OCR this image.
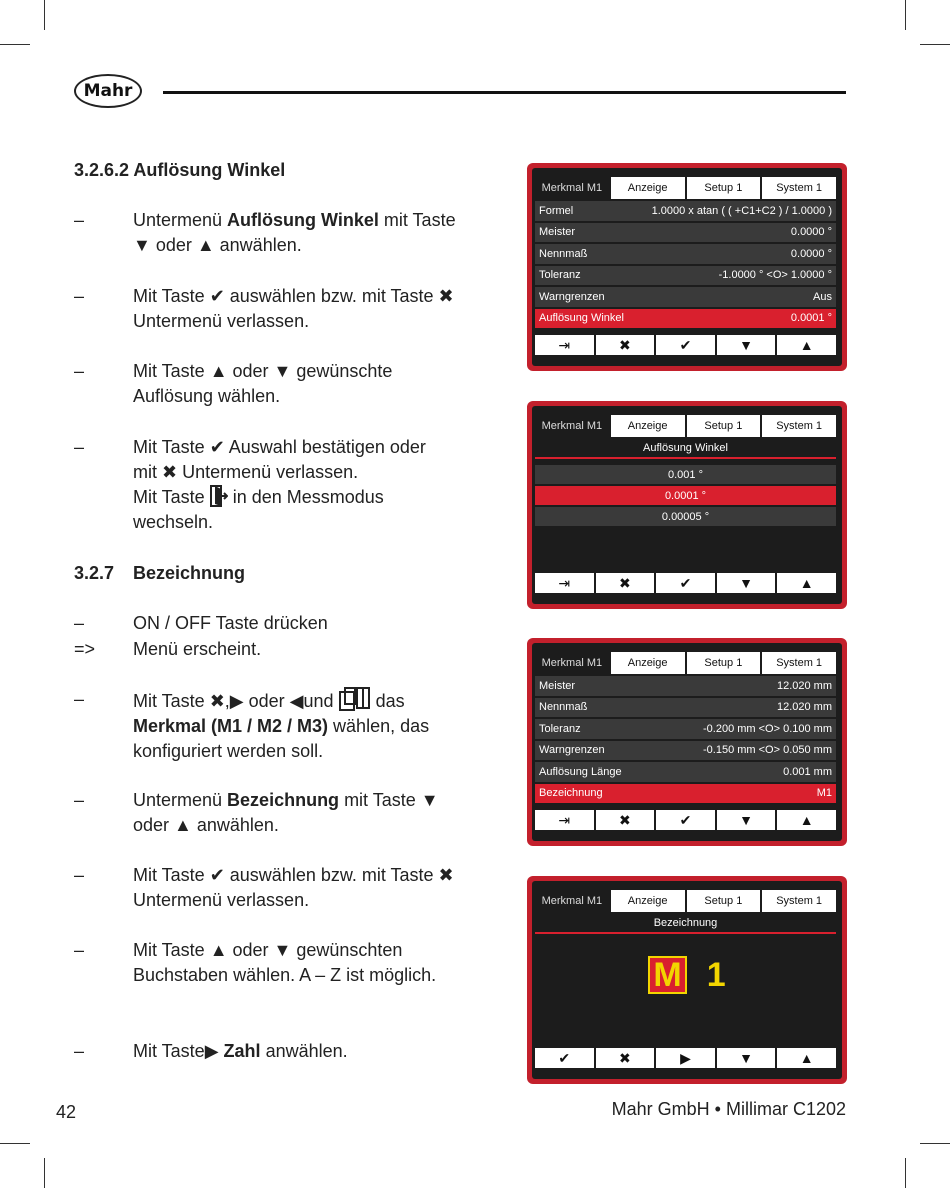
Mahr
3.2.6.2 Auflösung Winkel
–	Untermenü Auflösung Winkel mit Taste ▼ oder ▲ anwählen.
–	Mit Taste ✔ auswählen bzw. mit Taste ✖ Untermenü verlassen.
–	Mit Taste ▲ oder ▼ gewünschte Auflösung wählen.
–	Mit Taste ✔ Auswahl bestätigen oder
mit ✖ Untermenü verlassen.
Mit Taste in den Messmodus
wechseln.
3.2.7 Bezeichnung
–	ON / OFF Taste drücken
=>	Menü erscheint.
–	Mit Taste ✖,▶ oder ◀und das
Merkmal (M1 / M2 / M3) wählen, das
konfiguriert werden soll.
–	Untermenü Bezeichnung mit Taste ▼ oder ▲ anwählen.
–	Mit Taste ✔ auswählen bzw. mit Taste ✖ Untermenü verlassen.
–	Mit Taste ▲ oder ▼ gewünschten Buchstaben wählen. A – Z ist möglich.
–	Mit Taste▶ Zahl anwählen.
Merkmal M1	Anzeige	Setup 1	System 1
Formel	1.0000 x atan ( ( +C1+C2 ) / 1.0000 )
Meister	0.0000 °
Nennmaß	0.0000 °
Toleranz	-1.0000 ° <O> 1.0000 °
Warngrenzen	Aus
Auflösung Winkel	0.0001 °
⇥	✖	✔	▼	▲
Merkmal M1	Anzeige	Setup 1	System 1
Auflösung Winkel
0.001 °
0.0001 °
0.00005 °
⇥	✖	✔	▼	▲
Merkmal M1	Anzeige	Setup 1	System 1
Meister	12.020 mm
Nennmaß	12.020 mm
Toleranz	-0.200 mm <O> 0.100 mm
Warngrenzen	-0.150 mm <O> 0.050 mm
Auflösung Länge	0.001 mm
Bezeichnung	M1
⇥	✖	✔	▼	▲
Merkmal M1	Anzeige	Setup 1	System 1
Bezeichnung
M 1
✔	✖	▶	▼	▲
42	Mahr GmbH • Millimar C1202
